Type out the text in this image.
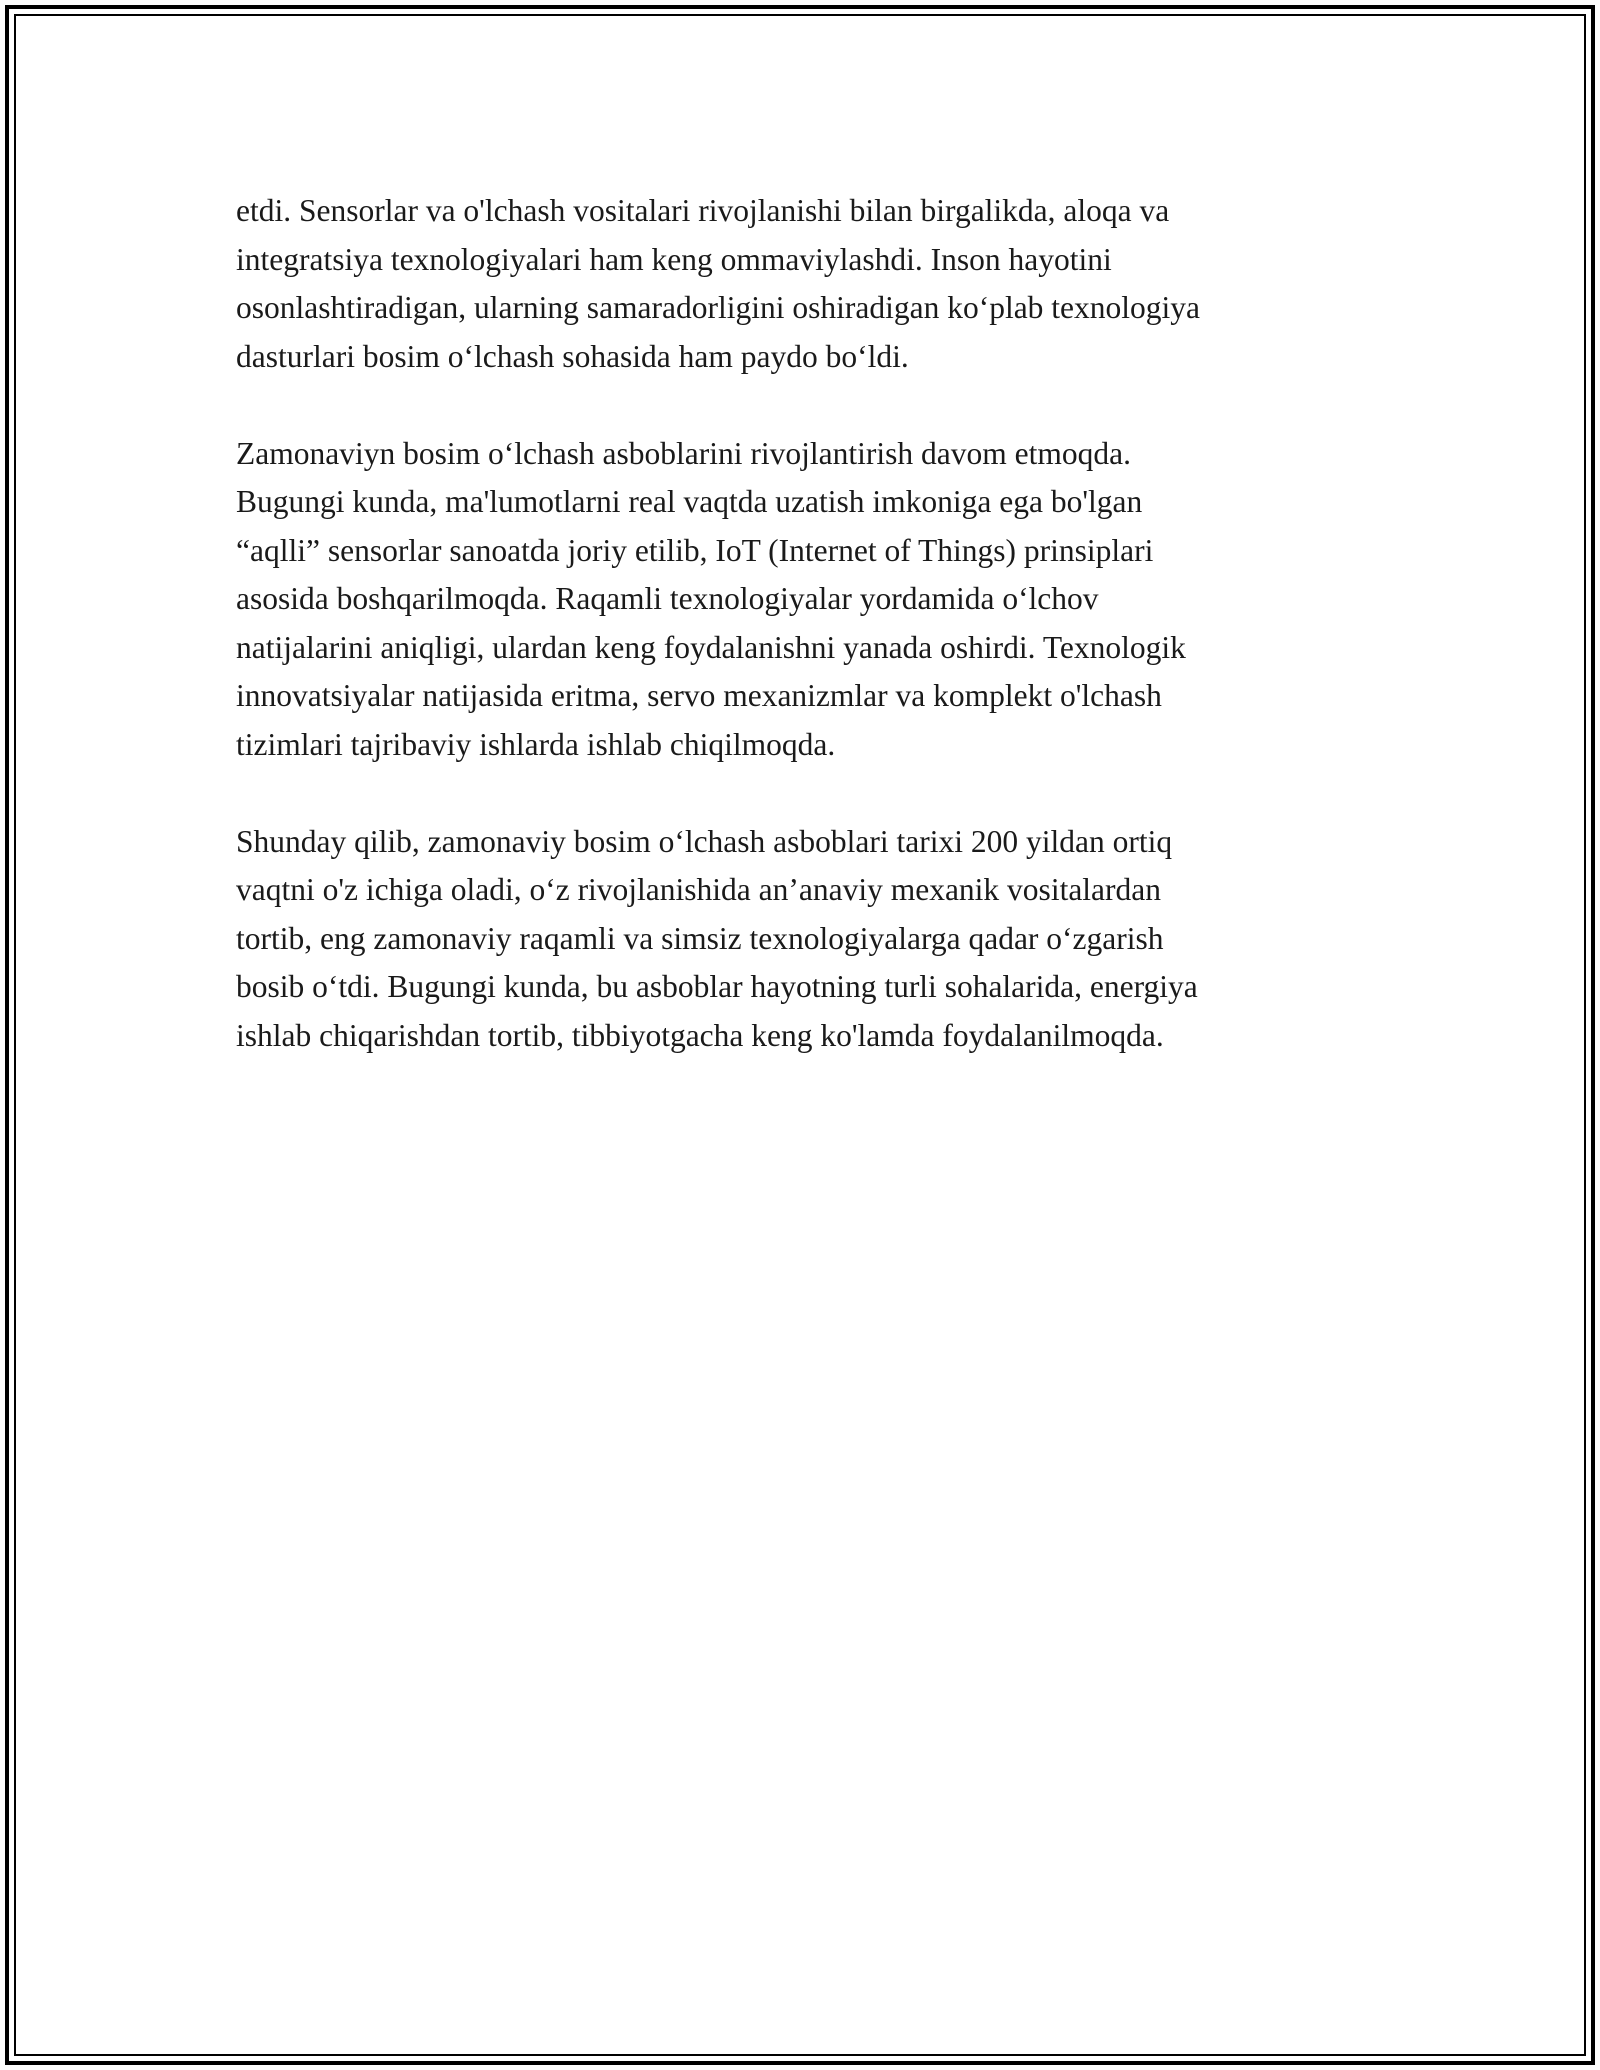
etdi. Sensorlar va o'lchash vositalari rivojlanishi bilan birgalikda, aloqa va
integratsiya texnologiyalari ham keng ommaviylashdi. Inson hayotini
osonlashtiradigan, ularning samaradorligini oshiradigan koʻplab texnologiya
dasturlari bosim oʻlchash sohasida ham paydo boʻldi.

Zamonaviyn bosim oʻlchash asboblarini rivojlantirish davom etmoqda.
Bugungi kunda, ma'lumotlarni real vaqtda uzatish imkoniga ega bo'lgan
“aqlli” sensorlar sanoatda joriy etilib, IoT (Internet of Things) prinsiplari
asosida boshqarilmoqda. Raqamli texnologiyalar yordamida oʻlchov
natijalarini aniqligi, ulardan keng foydalanishni yanada oshirdi. Texnologik
innovatsiyalar natijasida eritma, servo mexanizmlar va komplekt o'lchash
tizimlari tajribaviy ishlarda ishlab chiqilmoqda.

Shunday qilib, zamonaviy bosim oʻlchash asboblari tarixi 200 yildan ortiq
vaqtni o'z ichiga oladi, oʻz rivojlanishida an’anaviy mexanik vositalardan
tortib, eng zamonaviy raqamli va simsiz texnologiyalarga qadar oʻzgarish
bosib oʻtdi. Bugungi kunda, bu asboblar hayotning turli sohalarida, energiya
ishlab chiqarishdan tortib, tibbiyotgacha keng ko'lamda foydalanilmoqda.
